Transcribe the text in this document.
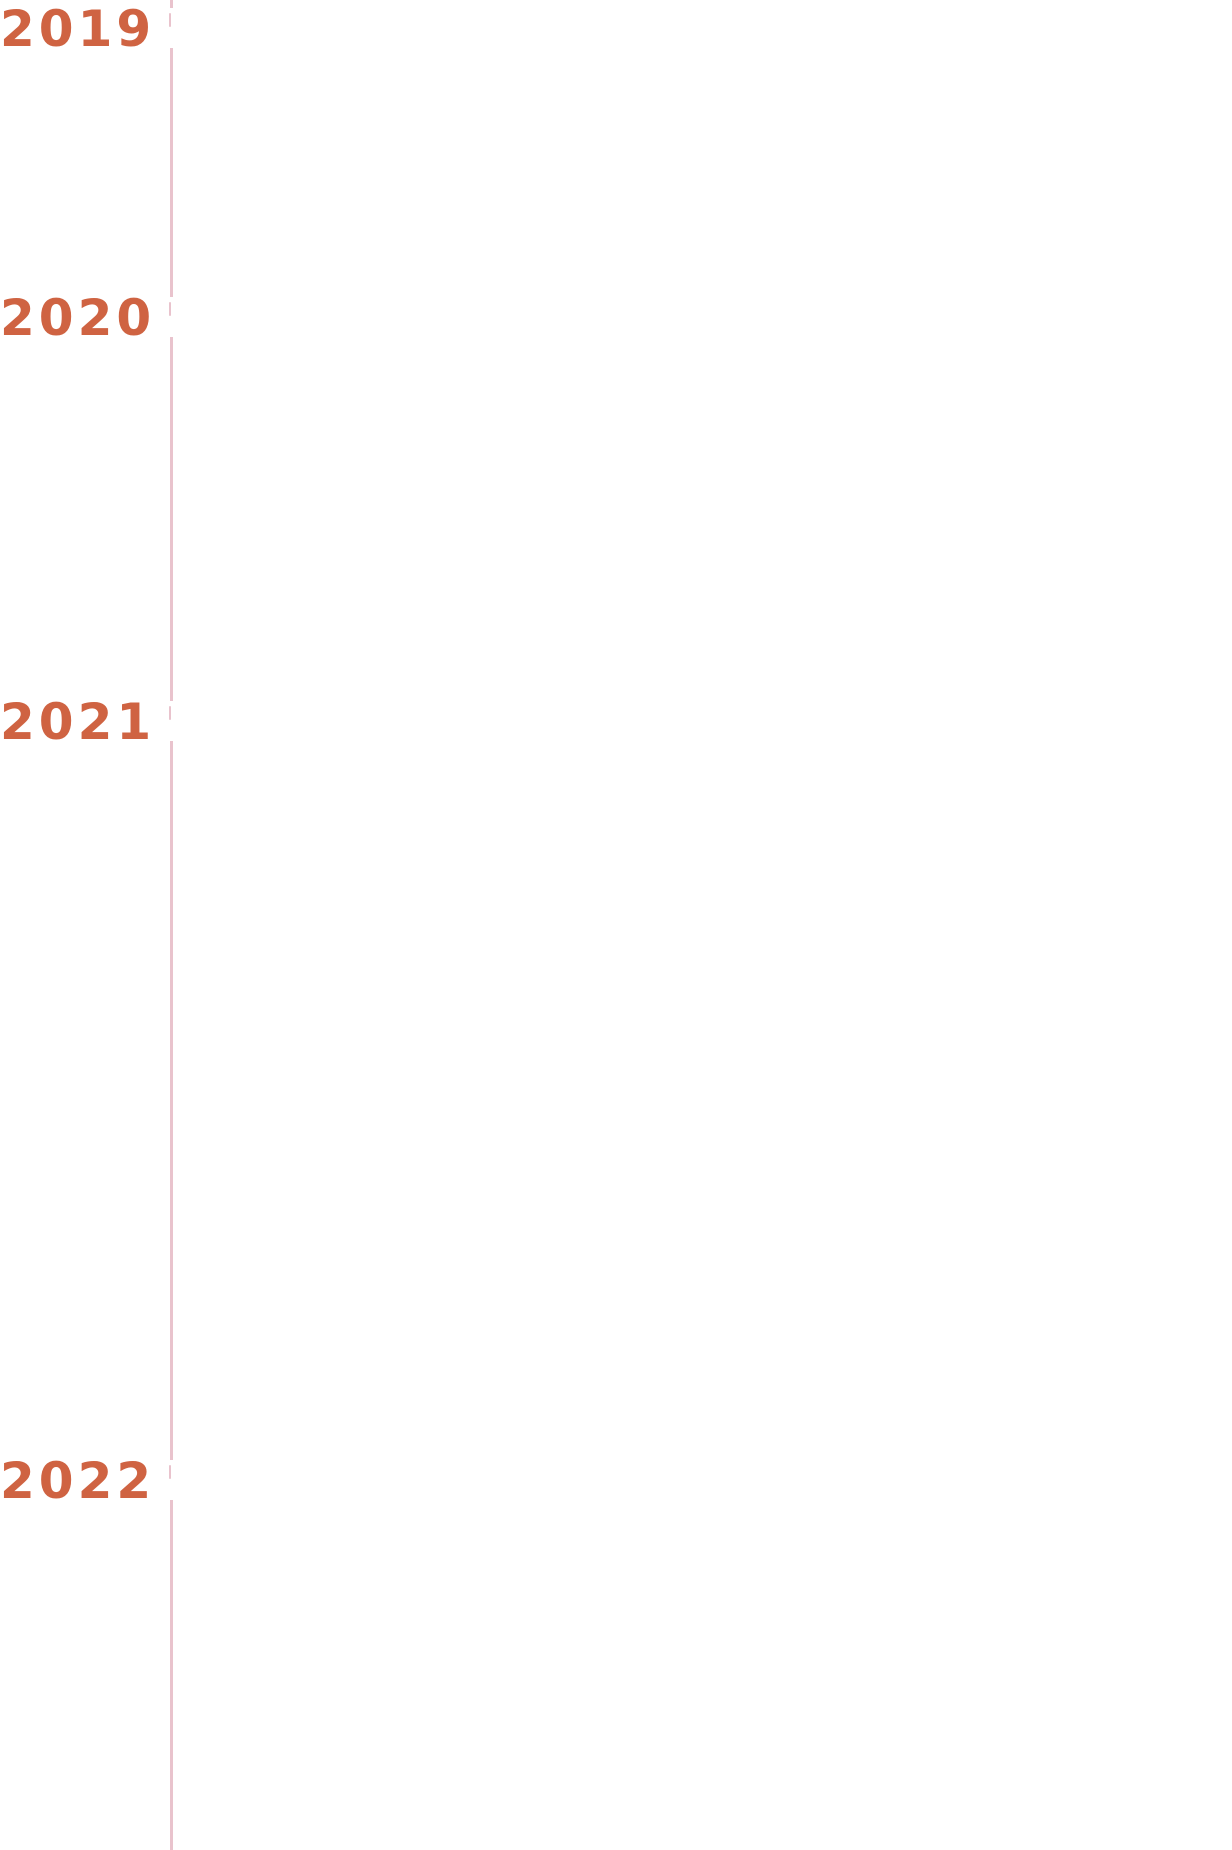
2019
2020
2021
2022
